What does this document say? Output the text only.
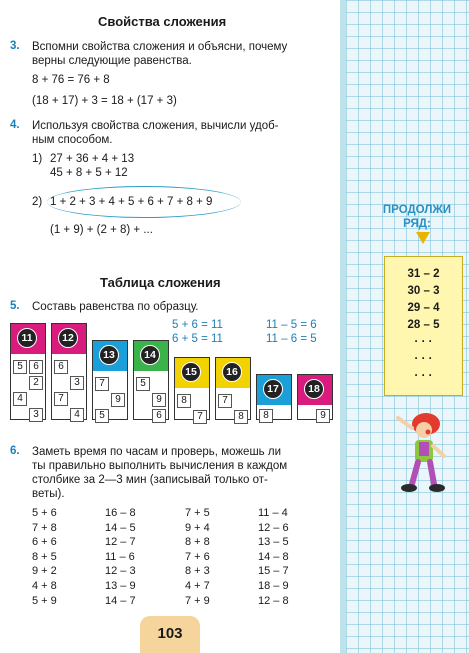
Свойства сложения
3. Вспомни свойства сложения и объясни, почему
верны следующие равенства.
8 + 76 = 76 + 8
(18 + 17) + 3 = 18 + (17 + 3)
4. Используя свойства сложения, вычисли удоб-
ным способом.
1) 27 + 36 + 4 + 13
45 + 8 + 5 + 12
2) 1 + 2 + 3 + 4 + 5 + 6 + 7 + 8 + 9
(1 + 9) + (2 + 8) + ...
Таблица сложения
5. Составь равенства по образцу.
5 + 6 = 11
6 + 5 = 11
11 – 5 = 6
11 – 6 = 5
11
5	6
2
4
3
12
6
3
7
4
13
7
9
5
14
5
9
6
15
8
7
16
7
8
17
8
18
9
6. Заметь время по часам и проверь, можешь ли
ты правильно выполнить вычисления в каждом
столбике за 2—3 мин (записывай только от-
веты).
5 + 6
7 + 8
6 + 6
8 + 5
9 + 2
4 + 8
5 + 9
16 – 8
14 – 5
12 – 7
11 – 6
12 – 3
13 – 9
14 – 7
7 + 5
9 + 4
8 + 8
7 + 6
8 + 3
4 + 7
7 + 9
11 – 4
12 – 6
13 – 5
14 – 8
15 – 7
18 – 9
12 – 8
103
ПРОДОЛЖИ
РЯД:
31 – 2
30 – 3
29 – 4
28 – 5
· · ·
· · ·
· · ·
